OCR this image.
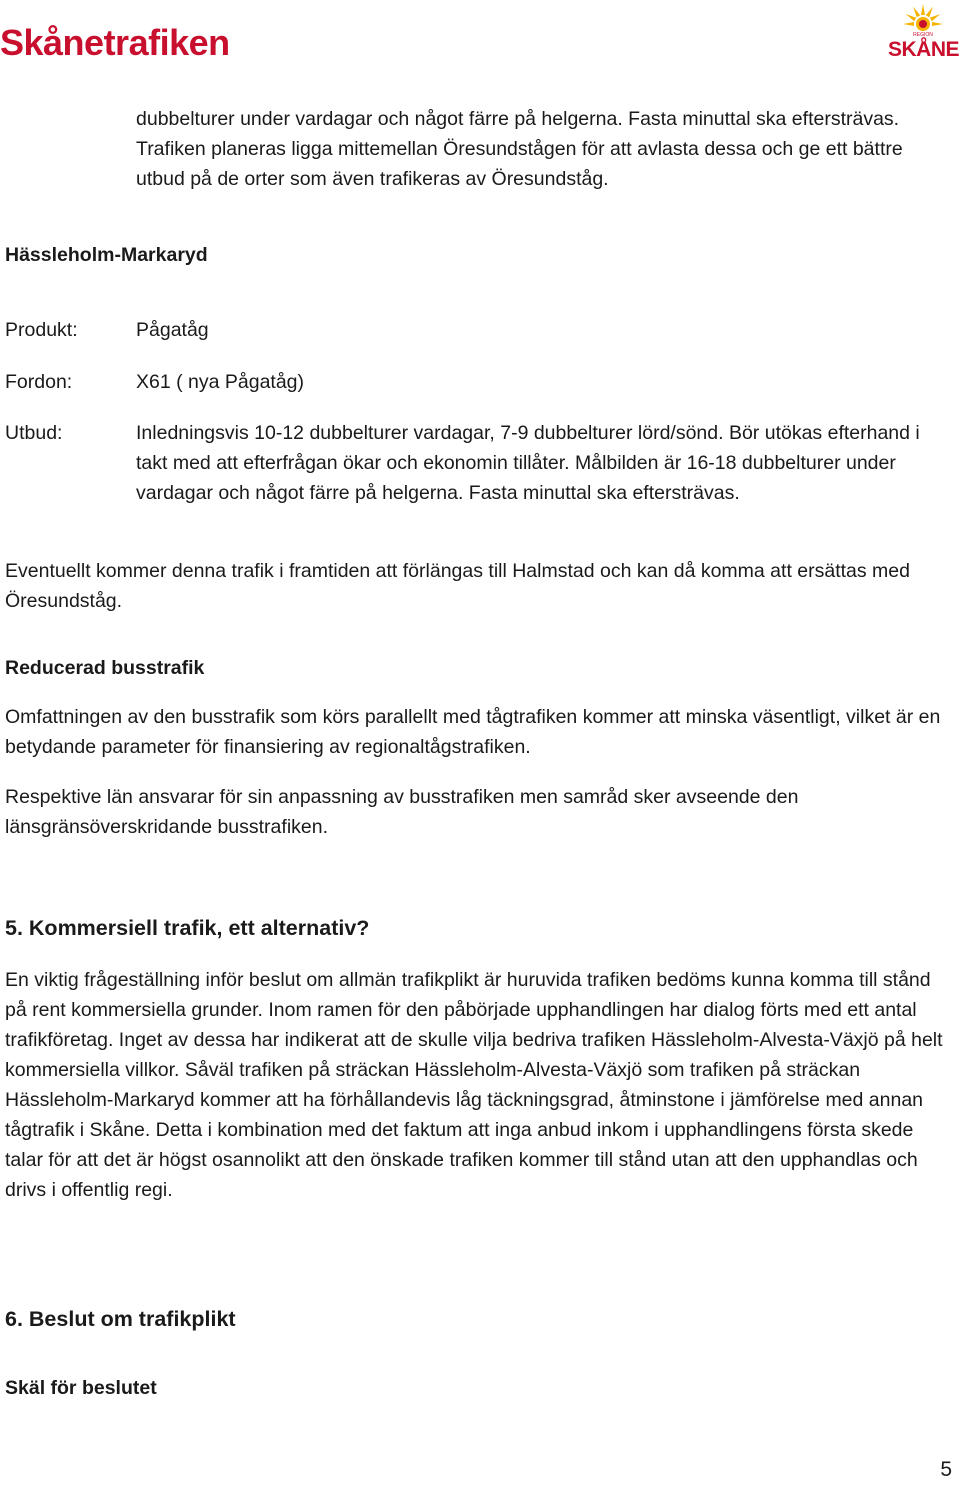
Skånetrafiken	REGION
SKÅNE

dubbelturer under vardagar och något färre på helgerna. Fasta minuttal ska eftersträvas. Trafiken planeras ligga mittemellan Öresundstågen för att avlasta dessa och ge ett bättre utbud på de orter som även trafikeras av Öresundståg.

Hässleholm-Markaryd
Produkt:	Pågatåg
Fordon:	X61 ( nya Pågatåg)
Utbud:	Inledningsvis 10-12 dubbelturer vardagar, 7-9 dubbelturer lörd/sönd. Bör utökas efterhand i takt med att efterfrågan ökar och ekonomin tillåter. Målbilden är 16-18 dubbelturer under vardagar och något färre på helgerna. Fasta minuttal ska eftersträvas.

Eventuellt kommer denna trafik i framtiden att förlängas till Halmstad och kan då komma att ersättas med Öresundståg.

Reducerad busstrafik

Omfattningen av den busstrafik som körs parallellt med tågtrafiken kommer att minska väsentligt, vilket är en betydande parameter för finansiering av regionaltågstrafiken.

Respektive län ansvarar för sin anpassning av busstrafiken men samråd sker avseende den länsgränsöverskridande busstrafiken.

5. Kommersiell trafik, ett alternativ?

En viktig frågeställning inför beslut om allmän trafikplikt är huruvida trafiken bedöms kunna komma till stånd på rent kommersiella grunder. Inom ramen för den påbörjade upphandlingen har dialog förts med ett antal trafikföretag. Inget av dessa har indikerat att de skulle vilja bedriva trafiken Hässleholm-Alvesta-Växjö på helt kommersiella villkor. Såväl trafiken på sträckan Hässleholm-Alvesta-Växjö som trafiken på sträckan Hässleholm-Markaryd kommer att ha förhållandevis låg täckningsgrad, åtminstone i jämförelse med annan tågtrafik i Skåne. Detta i kombination med det faktum att inga anbud inkom i upphandlingens första skede talar för att det är högst osannolikt att den önskade trafiken kommer till stånd utan att den upphandlas och drivs i offentlig regi.

6. Beslut om trafikplikt
Skäl för beslutet
5
